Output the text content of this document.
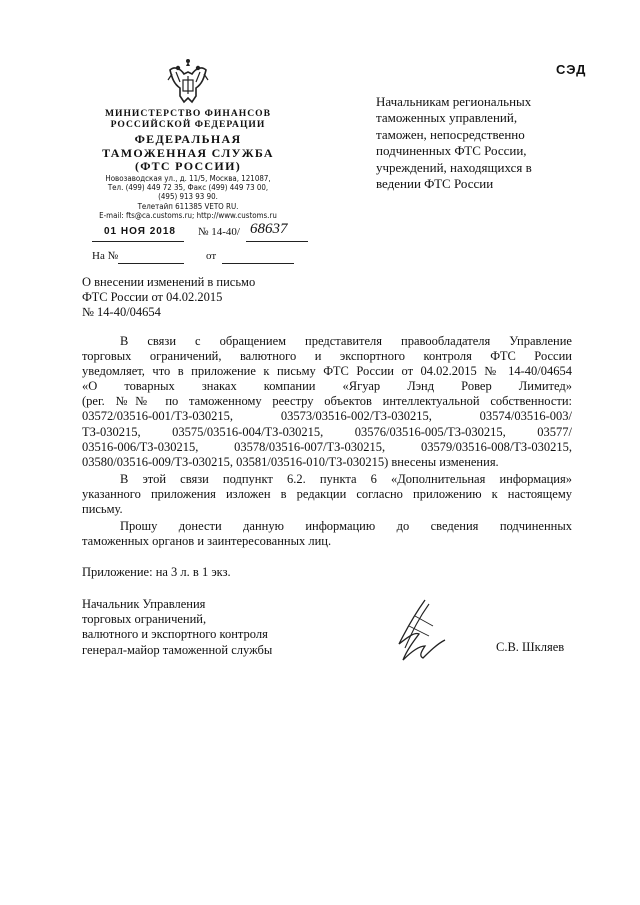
СЭД
МИНИСТЕРСТВО ФИНАНСОВ
РОССИЙСКОЙ ФЕДЕРАЦИИ
ФЕДЕРАЛЬНАЯ
ТАМОЖЕННАЯ СЛУЖБА
(ФТС РОССИИ)
Новозаводская ул., д. 11/5, Москва, 121087,
Тел. (499) 449 72 35, Факс (499) 449 73 00,
(495) 913 93 90.
Телетайп 611385 VETO RU.
E-mail: fts@ca.customs.ru; http://www.customs.ru
01 НОЯ 2018 № 14-40/ 68637
На №	от
Начальникам региональных
таможенных управлений,
таможен, непосредственно
подчиненных ФТС России,
учреждений, находящихся в
ведении ФТС России
О внесении изменений в письмо
ФТС России от 04.02.2015
№ 14-40/04654
В связи с обращением представителя правообладателя Управление
торговых ограничений, валютного и экспортного контроля ФТС России
уведомляет, что в приложение к письму ФТС России от 04.02.2015 № 14-40/04654
«О товарных знаках компании «Ягуар Лэнд Ровер Лимитед»
(рег. №№ по таможенному реестру объектов интеллектуальной собственности:
03572/03516-001/ТЗ-030215, 03573/03516-002/ТЗ-030215, 03574/03516-003/
ТЗ-030215, 03575/03516-004/ТЗ-030215, 03576/03516-005/ТЗ-030215, 03577/
03516-006/ТЗ-030215, 03578/03516-007/ТЗ-030215, 03579/03516-008/ТЗ-030215,
03580/03516-009/ТЗ-030215, 03581/03516-010/ТЗ-030215) внесены изменения.
В этой связи подпункт 6.2. пункта 6 «Дополнительная информация»
указанного приложения изложен в редакции согласно приложению к настоящему
письму.
Прошу донести данную информацию до сведения подчиненных
таможенных органов и заинтересованных лиц.
Приложение: на 3 л. в 1 экз.
Начальник Управления
торговых ограничений,
валютного и экспортного контроля
генерал-майор таможенной службы	С.В. Шкляев
